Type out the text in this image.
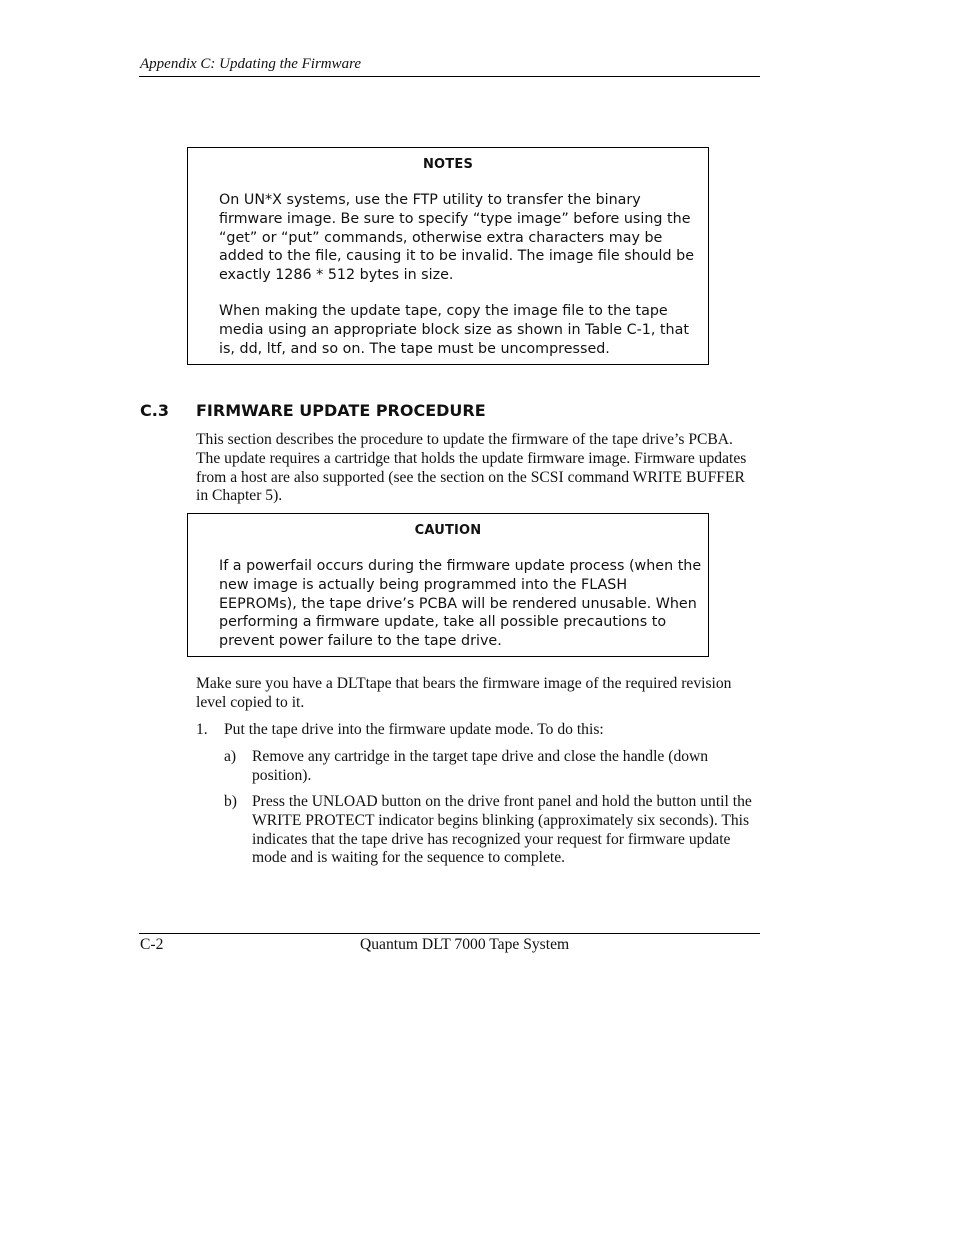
Appendix C: Updating the Firmware
NOTES

On UN*X systems, use the FTP utility to transfer the binary firmware image. Be sure to specify “type image” before using the “get” or “put” commands, otherwise extra characters may be added to the file, causing it to be invalid. The image file should be exactly 1286 * 512 bytes in size.

When making the update tape, copy the image file to the tape media using an appropriate block size as shown in Table C-1, that is, dd, ltf, and so on. The tape must be uncompressed.

C.3 FIRMWARE UPDATE PROCEDURE
This section describes the procedure to update the firmware of the tape drive’s PCBA. The update requires a cartridge that holds the update firmware image. Firmware updates from a host are also supported (see the section on the SCSI command WRITE BUFFER in Chapter 5).
CAUTION

If a powerfail occurs during the firmware update process (when the new image is actually being programmed into the FLASH EEPROMs), the tape drive’s PCBA will be rendered unusable. When performing a firmware update, take all possible precautions to prevent power failure to the tape drive.

Make sure you have a DLTtape that bears the firmware image of the required revision level copied to it.
1. Put the tape drive into the firmware update mode. To do this:
a) Remove any cartridge in the target tape drive and close the handle (down position).
b) Press the UNLOAD button on the drive front panel and hold the button until the WRITE PROTECT indicator begins blinking (approximately six seconds). This indicates that the tape drive has recognized your request for firmware update mode and is waiting for the sequence to complete.
C-2	Quantum DLT 7000 Tape System
